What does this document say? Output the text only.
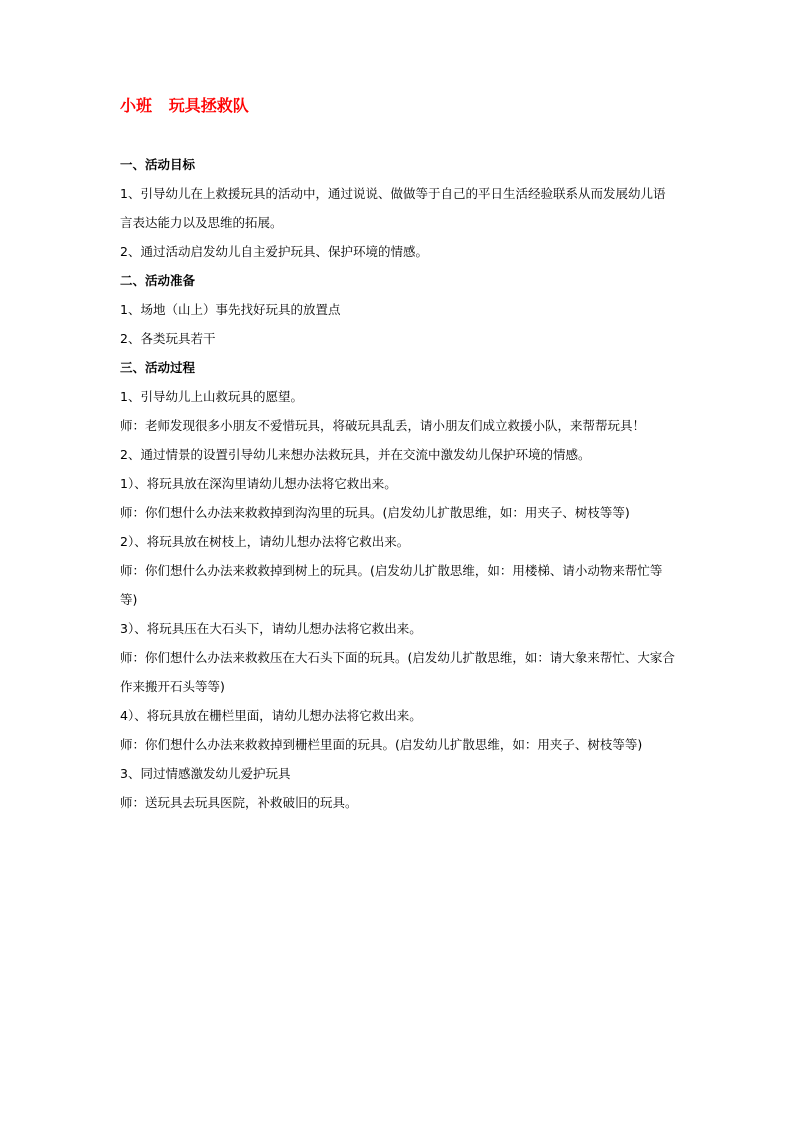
小班   玩具拯救队

一、活动目标

1、引导幼儿在上救援玩具的活动中，通过说说、做做等于自己的平日生活经验联系从而发展幼儿语言表达能力以及思维的拓展。

2、通过活动启发幼儿自主爱护玩具、保护环境的情感。

二、活动准备

1、场地（山上）事先找好玩具的放置点

2、各类玩具若干

三、活动过程

1、引导幼儿上山救玩具的愿望。

师：老师发现很多小朋友不爱惜玩具，将破玩具乱丢，请小朋友们成立救援小队，来帮帮玩具！

2、通过情景的设置引导幼儿来想办法救玩具，并在交流中激发幼儿保护环境的情感。

1）、将玩具放在深沟里请幼儿想办法将它救出来。

师：你们想什么办法来救救掉到沟沟里的玩具。(启发幼儿扩散思维，如：用夹子、树枝等等)

2）、将玩具放在树枝上，请幼儿想办法将它救出来。

师：你们想什么办法来救救掉到树上的玩具。(启发幼儿扩散思维，如：用楼梯、请小动物来帮忙等等)

3）、将玩具压在大石头下，请幼儿想办法将它救出来。

师：你们想什么办法来救救压在大石头下面的玩具。(启发幼儿扩散思维，如：请大象来帮忙、大家合作来搬开石头等等)

4）、将玩具放在栅栏里面，请幼儿想办法将它救出来。

师：你们想什么办法来救救掉到栅栏里面的玩具。(启发幼儿扩散思维，如：用夹子、树枝等等)

3、同过情感激发幼儿爱护玩具

师：送玩具去玩具医院，补救破旧的玩具。
